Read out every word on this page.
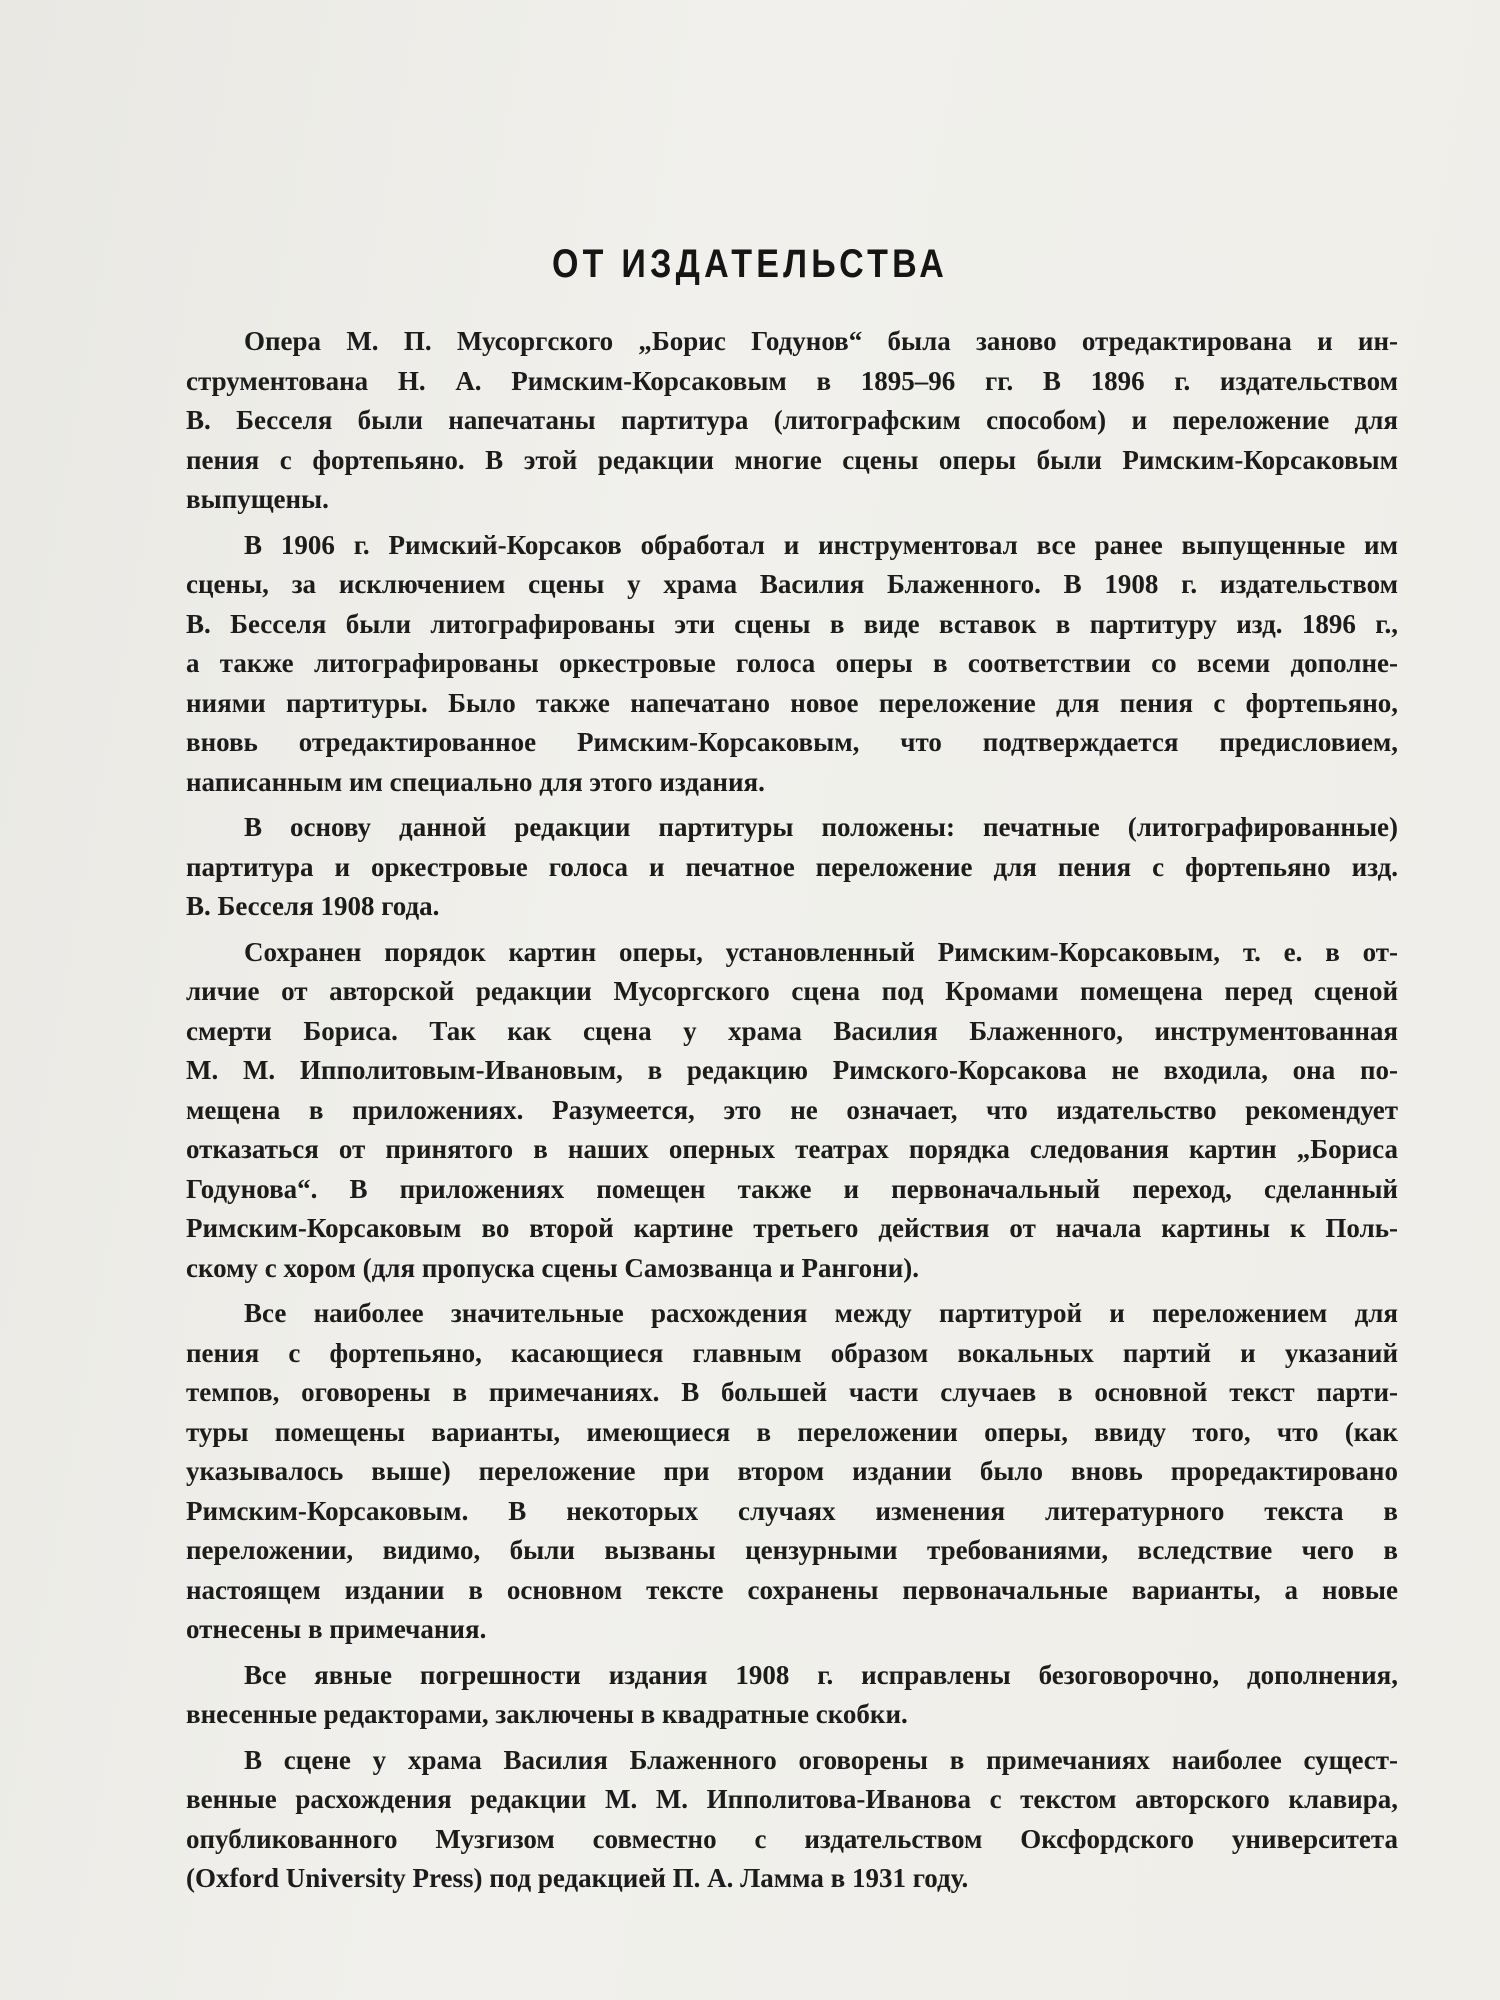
ОТ ИЗДАТЕЛЬСТВА
Опера М. П. Мусоргского „Борис Годунов“ была заново отредактирована и ин-
струментована Н. А. Римским-Корсаковым в 1895–96 гг. В 1896 г. издательством
В. Бесселя были напечатаны партитура (литографским способом) и переложение для
пения с фортепьяно. В этой редакции многие сцены оперы были Римским-Корсаковым
выпущены.
В 1906 г. Римский-Корсаков обработал и инструментовал все ранее выпущенные им
сцены, за исключением сцены у храма Василия Блаженного. В 1908 г. издательством
В. Бесселя были литографированы эти сцены в виде вставок в партитуру изд. 1896 г.,
а также литографированы оркестровые голоса оперы в соответствии со всеми дополне-
ниями партитуры. Было также напечатано новое переложение для пения с фортепьяно,
вновь отредактированное Римским-Корсаковым, что подтверждается предисловием,
написанным им специально для этого издания.
В основу данной редакции партитуры положены: печатные (литографированные)
партитура и оркестровые голоса и печатное переложение для пения с фортепьяно изд.
В. Бесселя 1908 года.
Сохранен порядок картин оперы, установленный Римским-Корсаковым, т. е. в от-
личие от авторской редакции Мусоргского сцена под Кромами помещена перед сценой
смерти Бориса. Так как сцена у храма Василия Блаженного, инструментованная
М. М. Ипполитовым-Ивановым, в редакцию Римского-Корсакова не входила, она по-
мещена в приложениях. Разумеется, это не означает, что издательство рекомендует
отказаться от принятого в наших оперных театрах порядка следования картин „Бориса
Годунова“. В приложениях помещен также и первоначальный переход, сделанный
Римским-Корсаковым во второй картине третьего действия от начала картины к Поль-
скому с хором (для пропуска сцены Самозванца и Рангони).
Все наиболее значительные расхождения между партитурой и переложением для
пения с фортепьяно, касающиеся главным образом вокальных партий и указаний
темпов, оговорены в примечаниях. В большей части случаев в основной текст парти-
туры помещены варианты, имеющиеся в переложении оперы, ввиду того, что (как
указывалось выше) переложение при втором издании было вновь проредактировано
Римским-Корсаковым. В некоторых случаях изменения литературного текста в
переложении, видимо, были вызваны цензурными требованиями, вследствие чего в
настоящем издании в основном тексте сохранены первоначальные варианты, а новые
отнесены в примечания.
Все явные погрешности издания 1908 г. исправлены безоговорочно, дополнения,
внесенные редакторами, заключены в квадратные скобки.
В сцене у храма Василия Блаженного оговорены в примечаниях наиболее сущест-
венные расхождения редакции М. М. Ипполитова-Иванова с текстом авторского клавира,
опубликованного Музгизом совместно с издательством Оксфордского университета
(Oxford University Press) под редакцией П. А. Ламма в 1931 году.
